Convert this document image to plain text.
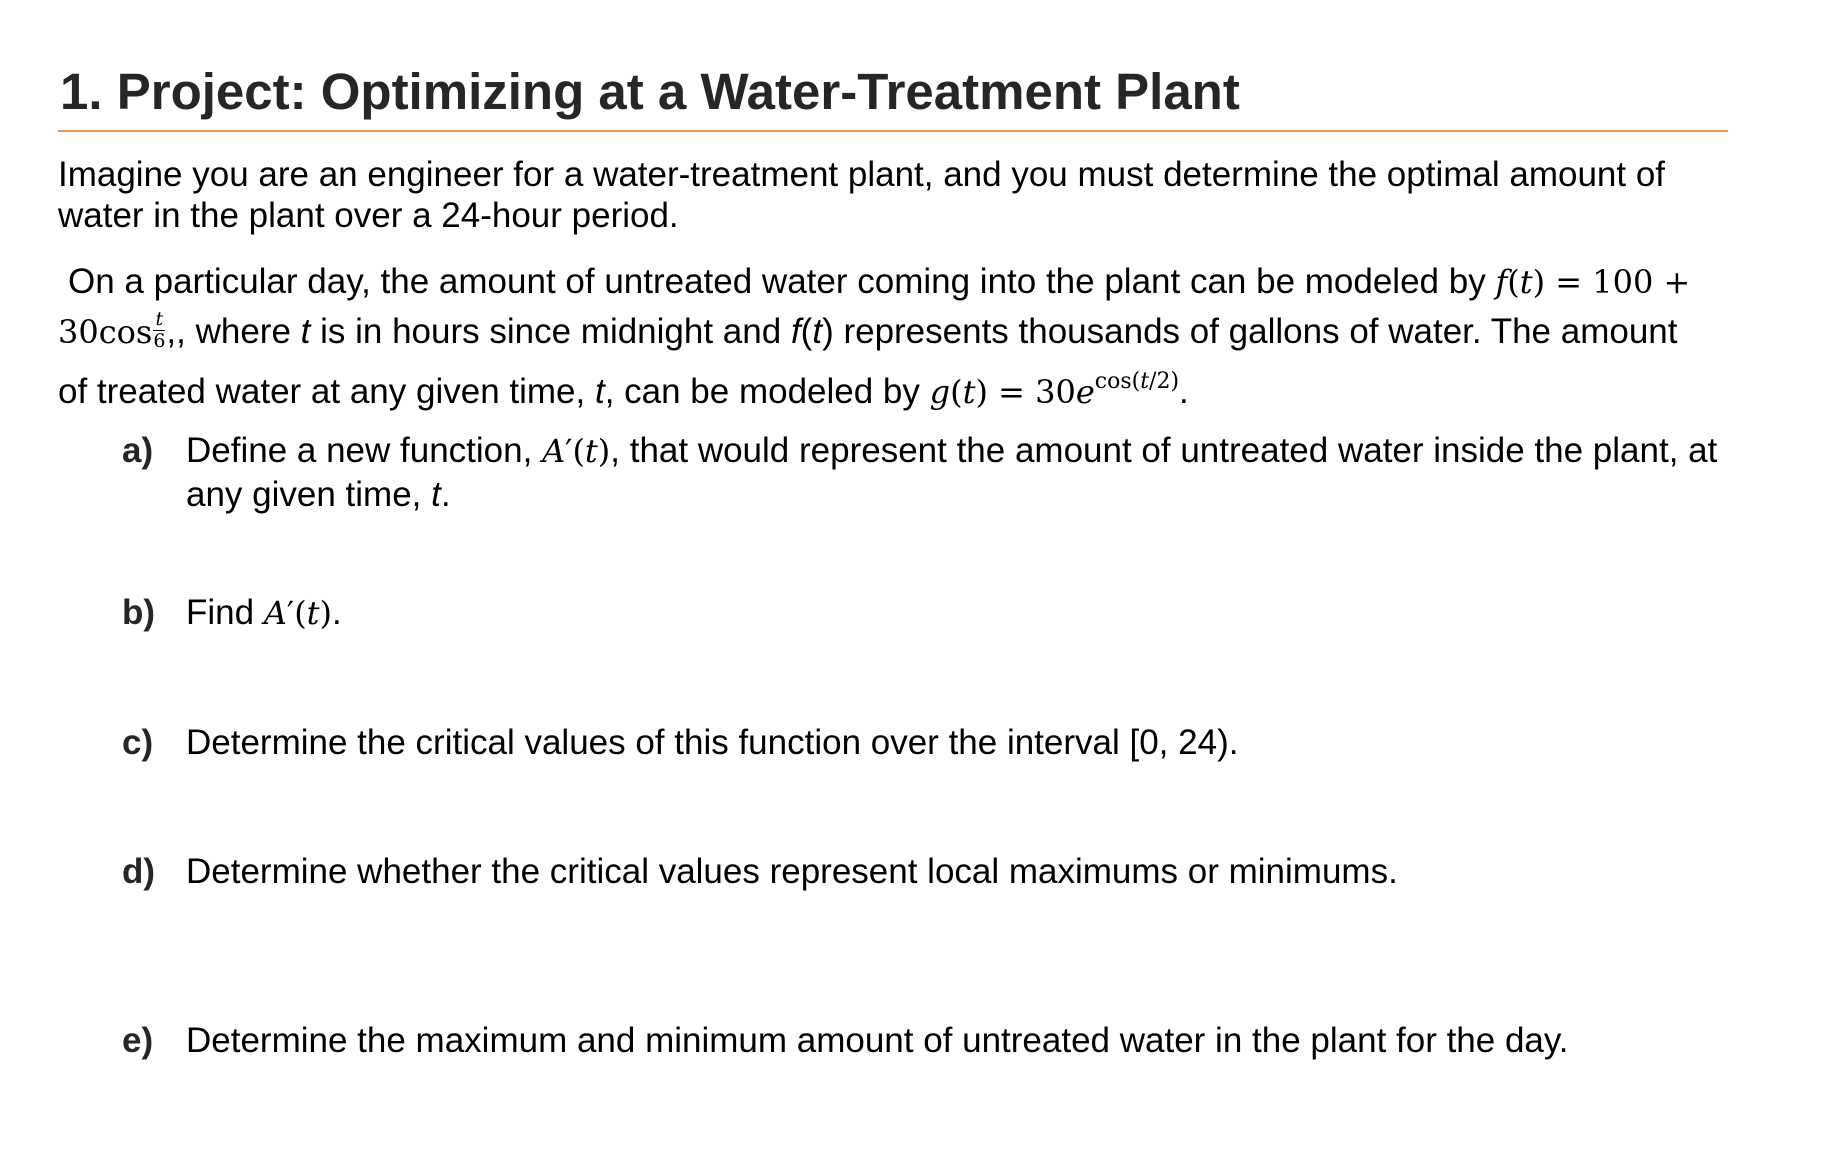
1. Project: Optimizing at a Water-Treatment Plant

Imagine you are an engineer for a water-treatment plant, and you must determine the optimal amount of water in the plant over a 24-hour period.

On a particular day, the amount of untreated water coming into the plant can be modeled by f(t) = 100 +
$30\cos \frac{t}{6}$ ,, where t is in hours since midnight and f(t) represents thousands of gallons of water. The amount
of treated water at any given time, t, can be modeled by $g(t) = 30e^{cos(t/2)}$.
a) Define a new function, A′(t), that would represent the amount of untreated water inside the plant, at any given time, t.
b) Find A′(t).
c) Determine the critical values of this function over the interval [0, 24).
d) Determine whether the critical values represent local maximums or minimums.
e) Determine the maximum and minimum amount of untreated water in the plant for the day.
